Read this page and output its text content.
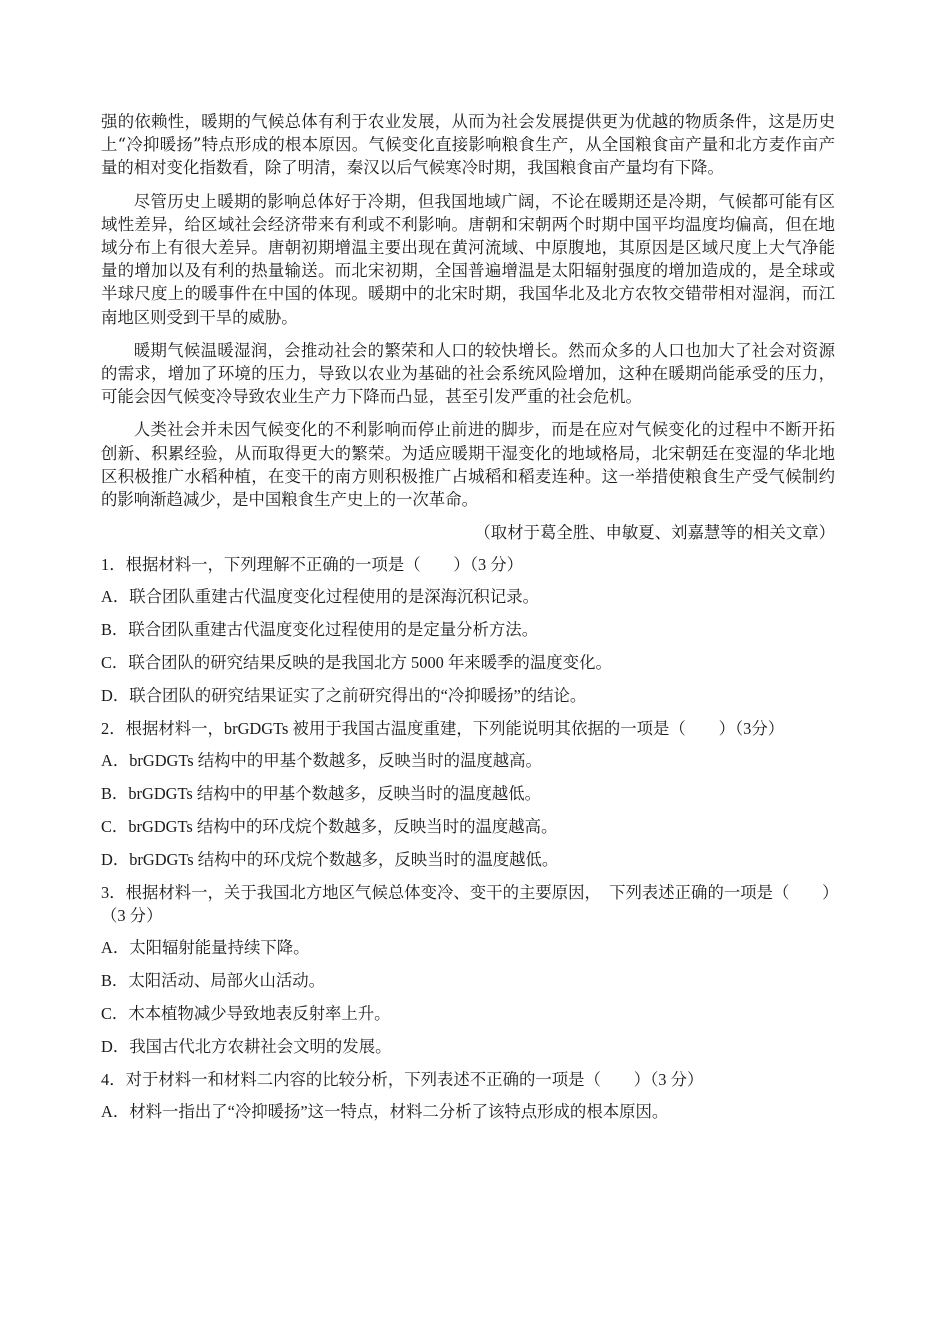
强的依赖性，暖期的气候总体有利于农业发展，从而为社会发展提供更为优越的物质条件，这是历史上“冷抑暖扬”特点形成的根本原因。气候变化直接影响粮食生产，从全国粮食亩产量和北方麦作亩产量的相对变化指数看，除了明清，秦汉以后气候寒冷时期，我国粮食亩产量均有下降。

尽管历史上暖期的影响总体好于冷期，但我国地域广阔，不论在暖期还是冷期，气候都可能有区域性差异，给区域社会经济带来有利或不利影响。唐朝和宋朝两个时期中国平均温度均偏高，但在地域分布上有很大差异。唐朝初期增温主要出现在黄河流域、中原腹地，其原因是区域尺度上大气净能量的增加以及有利的热量输送。而北宋初期，全国普遍增温是太阳辐射强度的增加造成的，是全球或半球尺度上的暖事件在中国的体现。暖期中的北宋时期，我国华北及北方农牧交错带相对湿润，而江南地区则受到干旱的威胁。

暖期气候温暖湿润，会推动社会的繁荣和人口的较快增长。然而众多的人口也加大了社会对资源的需求，增加了环境的压力，导致以农业为基础的社会系统风险增加，这种在暖期尚能承受的压力，可能会因气候变冷导致农业生产力下降而凸显，甚至引发严重的社会危机。

人类社会并未因气候变化的不利影响而停止前进的脚步，而是在应对气候变化的过程中不断开拓创新、积累经验，从而取得更大的繁荣。为适应暖期干湿变化的地域格局，北宋朝廷在变湿的华北地区积极推广水稻种植，在变干的南方则积极推广占城稻和稻麦连种。这一举措使粮食生产受气候制约的影响渐趋减少，是中国粮食生产史上的一次革命。

（取材于葛全胜、申敏夏、刘嘉慧等的相关文章）

1．根据材料一，下列理解不正确的一项是（　　）（3 分）

A．联合团队重建古代温度变化过程使用的是深海沉积记录。

B．联合团队重建古代温度变化过程使用的是定量分析方法。

C．联合团队的研究结果反映的是我国北方 5000 年来暖季的温度变化。

D．联合团队的研究结果证实了之前研究得出的“冷抑暖扬”的结论。

2．根据材料一，brGDGTs 被用于我国古温度重建，下列能说明其依据的一项是（　　）（3分）

A．brGDGTs 结构中的甲基个数越多，反映当时的温度越高。

B．brGDGTs 结构中的甲基个数越多，反映当时的温度越低。

C．brGDGTs 结构中的环戊烷个数越多，反映当时的温度越高。

D．brGDGTs 结构中的环戊烷个数越多，反映当时的温度越低。

3．根据材料一，关于我国北方地区气候总体变冷、变干的主要原因，　下列表述正确的一项是（　　）（3 分）

A．太阳辐射能量持续下降。

B．太阳活动、局部火山活动。

C．木本植物减少导致地表反射率上升。

D．我国古代北方农耕社会文明的发展。

4．对于材料一和材料二内容的比较分析，下列表述不正确的一项是（　　）（3 分）

A．材料一指出了“冷抑暖扬”这一特点，材料二分析了该特点形成的根本原因。
